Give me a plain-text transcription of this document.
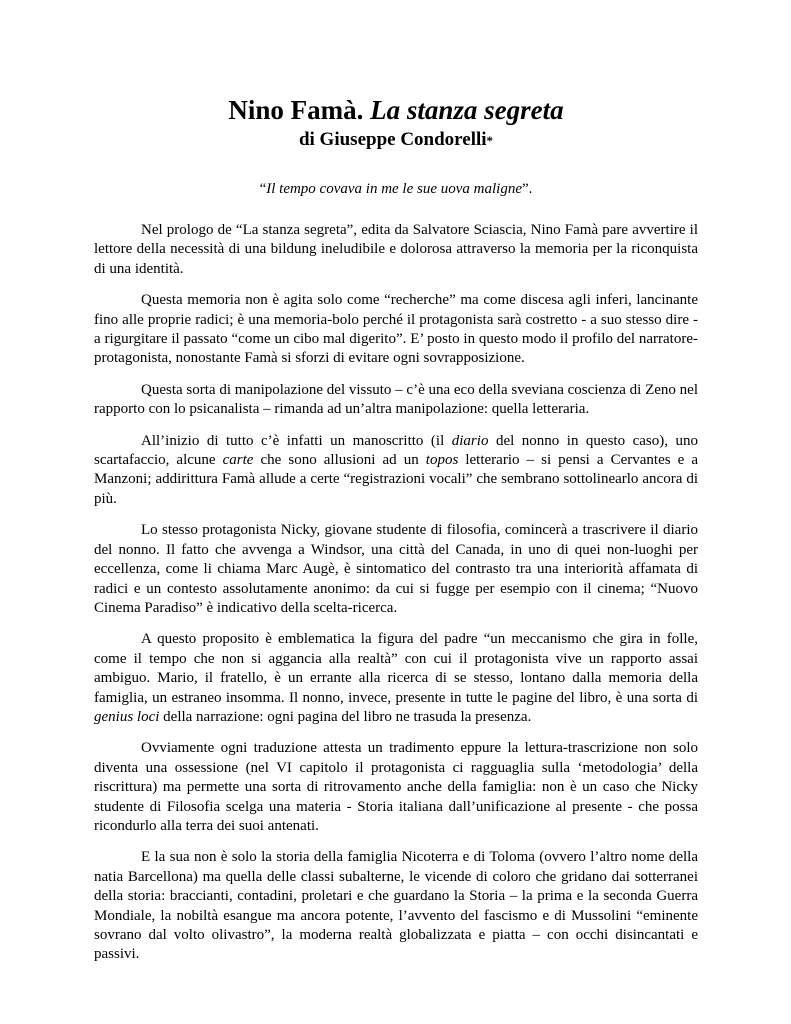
Nino Famà. La stanza segreta
di Giuseppe Condorelli*

“Il tempo covava in me le sue uova maligne”.

Nel prologo de “La stanza segreta”, edita da Salvatore Sciascia, Nino Famà pare avvertire il lettore della necessità di una bildung ineludibile e dolorosa attraverso la memoria per la riconquista di una identità.

Questa memoria non è agita solo come “recherche” ma come discesa agli inferi, lancinante fino alle proprie radici; è una memoria-bolo perché il protagonista sarà costretto - a suo stesso dire - a rigurgitare il passato “come un cibo mal digerito”. E’ posto in questo modo il profilo del narratore-protagonista, nonostante Famà si sforzi di evitare ogni sovrapposizione.

Questa sorta di manipolazione del vissuto – c’è una eco della sveviana coscienza di Zeno nel rapporto con lo psicanalista – rimanda ad un’altra manipolazione: quella letteraria.

All’inizio di tutto c’è infatti un manoscritto (il diario del nonno in questo caso), uno scartafaccio, alcune carte che sono allusioni ad un topos letterario – si pensi a Cervantes e a Manzoni; addirittura Famà allude a certe “registrazioni vocali” che sembrano sottolinearlo ancora di più.

Lo stesso protagonista Nicky, giovane studente di filosofia, comincerà a trascrivere il diario del nonno. Il fatto che avvenga a Windsor, una città del Canada, in uno di quei non-luoghi per eccellenza, come li chiama Marc Augè, è sintomatico del contrasto tra una interiorità affamata di radici e un contesto assolutamente anonimo: da cui si fugge per esempio con il cinema; “Nuovo Cinema Paradiso” è indicativo della scelta-ricerca.

A questo proposito è emblematica la figura del padre “un meccanismo che gira in folle, come il tempo che non si aggancia alla realtà” con cui il protagonista vive un rapporto assai ambiguo. Mario, il fratello, è un errante alla ricerca di se stesso, lontano dalla memoria della famiglia, un estraneo insomma. Il nonno, invece, presente in tutte le pagine del libro, è una sorta di genius loci della narrazione: ogni pagina del libro ne trasuda la presenza.

Ovviamente ogni traduzione attesta un tradimento eppure la lettura-trascrizione non solo diventa una ossessione (nel VI capitolo il protagonista ci ragguaglia sulla ‘metodologia’ della riscrittura) ma permette una sorta di ritrovamento anche della famiglia: non è un caso che Nicky studente di Filosofia scelga una materia - Storia italiana dall’unificazione al presente - che possa ricondurlo alla terra dei suoi antenati.

E la sua non è solo la storia della famiglia Nicoterra e di Toloma (ovvero l’altro nome della natia Barcellona) ma quella delle classi subalterne, le vicende di coloro che gridano dai sotterranei della storia: braccianti, contadini, proletari e che guardano la Storia – la prima e la seconda Guerra Mondiale, la nobiltà esangue ma ancora potente, l’avvento del fascismo e di Mussolini “eminente sovrano dal volto olivastro”, la moderna realtà globalizzata e piatta – con occhi disincantati e passivi.
